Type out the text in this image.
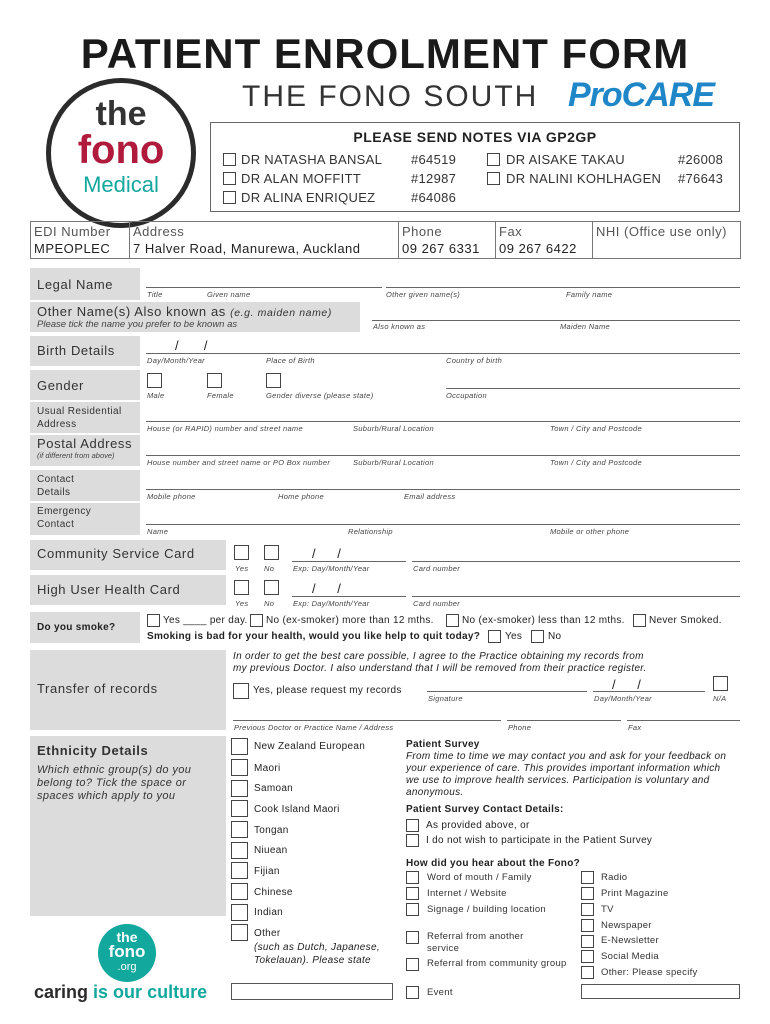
PATIENT ENROLMENT FORM
THE FONO SOUTH ProCARE
the
fono
Medical
PLEASE SEND NOTES VIA GP2GP
DR NATASHA BANSAL #64519
DR ALAN MOFFITT	#12987
DR ALINA ENRIQUEZ	#64086
DR AISAKE TAKAU	#26008
DR NALINI KOHLHAGEN #76643
EDI Number
MPEOPLEC
Address
7 Halver Road, Manurewa, Auckland
Phone
09 267 6331
Fax
09 267 6422
NHI (Office use only)
Legal Name
Title	Given name	Other given name(s)	Family name
Other Name(s) Also known as (e.g. maiden name)
Please tick the name you prefer to be known as	Also known as	Maiden Name
Birth Details	/       /
Day/Month/Year	Place of Birth	Country of birth
Gender
Male	Female	Gender diverse (please state)	Occupation
Usual Residential Address	House (or RAPID) number and street name	Suburb/Rural Location	Town / City and Postcode
Postal Address
(if different from above)
House number and street name or PO Box number	Suburb/Rural Location	Town / City and Postcode
Contact Details	Mobile phone	Home phone	Email address
Emergency Contact
Name	Relationship	Mobile or other phone
Community Service Card
Yes No
/      /
Exp: Day/Month/Year	Card number
High User Health Card
Yes No
/      /
Exp: Day/Month/Year	Card number
Do you smoke?
Yes ____ per day. No (ex-smoker) more than 12 mths.	No (ex-smoker) less than 12 mths. Never Smoked.
Smoking is bad for your health, would you like help to quit today? Yes	No
Transfer of records
In order to get the best care possible, I agree to the Practice obtaining my records from
my previous Doctor. I also understand that I will be removed from their practice register.
Yes, please request my records
Signature
/      /
Day/Month/Year	N/A
Previous Doctor or Practice Name / Address	Phone	Fax
Ethnicity Details
Which ethnic group(s) do you belong to? Tick the space or spaces which apply to you
New Zealand European
Maori
Samoan
Cook Island Maori
Tongan
Niuean
Fijian
Chinese
Indian
Other
(such as Dutch, Japanese, Tokelauan). Please state
Patient Survey
From time to time we may contact you and ask for your feedback on your experience of care. This provides important information which we use to improve health services. Participation is voluntary and anonymous.
Patient Survey Contact Details:
As provided above, or
I do not wish to participate in the Patient Survey
How did you hear about the Fono?
Word of mouth / Family
Internet / Website
Signage / building location
Referral from another service
Referral from community group
Event
Radio
Print Magazine
TV
Newspaper
E-Newsletter
Social Media
Other: Please specify
the
fono
.org
caring is our culture
